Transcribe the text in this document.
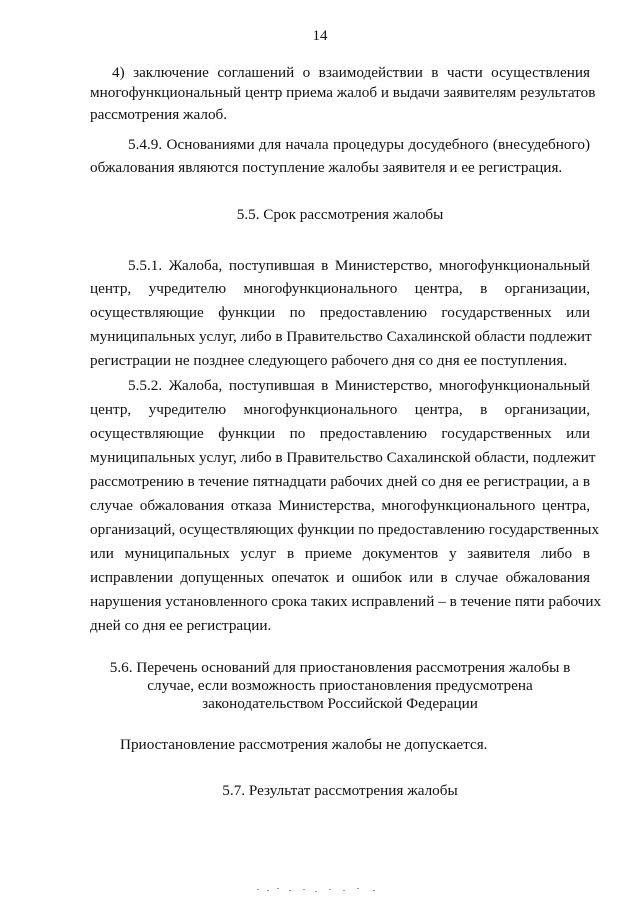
14
4) заключение соглашений о взаимодействии в части осуществления
многофункциональный центр приема жалоб и выдачи заявителям результатов
рассмотрения жалоб.
5.4.9. Основаниями для начала процедуры досудебного (внесудебного)
обжалования являются поступление жалобы заявителя и ее регистрация.
5.5. Срок рассмотрения жалобы
5.5.1. Жалоба, поступившая в Министерство, многофункциональный
центр, учредителю многофункционального центра, в организации,
осуществляющие функции по предоставлению государственных или
муниципальных услуг, либо в Правительство Сахалинской области подлежит
регистрации не позднее следующего рабочего дня со дня ее поступления.
5.5.2. Жалоба, поступившая в Министерство, многофункциональный
центр, учредителю многофункционального центра, в организации,
осуществляющие функции по предоставлению государственных или
муниципальных услуг, либо в Правительство Сахалинской области, подлежит
рассмотрению в течение пятнадцати рабочих дней со дня ее регистрации, а в
случае обжалования отказа Министерства, многофункционального центра,
организаций, осуществляющих функции по предоставлению государственных
или муниципальных услуг в приеме документов у заявителя либо в
исправлении допущенных опечаток и ошибок или в случае обжалования
нарушения установленного срока таких исправлений – в течение пяти рабочих
дней со дня ее регистрации.
5.6. Перечень оснований для приостановления рассмотрения жалобы в
случае, если возможность приостановления предусмотрена
законодательством Российской Федерации
Приостановление рассмотрения жалобы не допускается.
5.7. Результат рассмотрения жалобы
